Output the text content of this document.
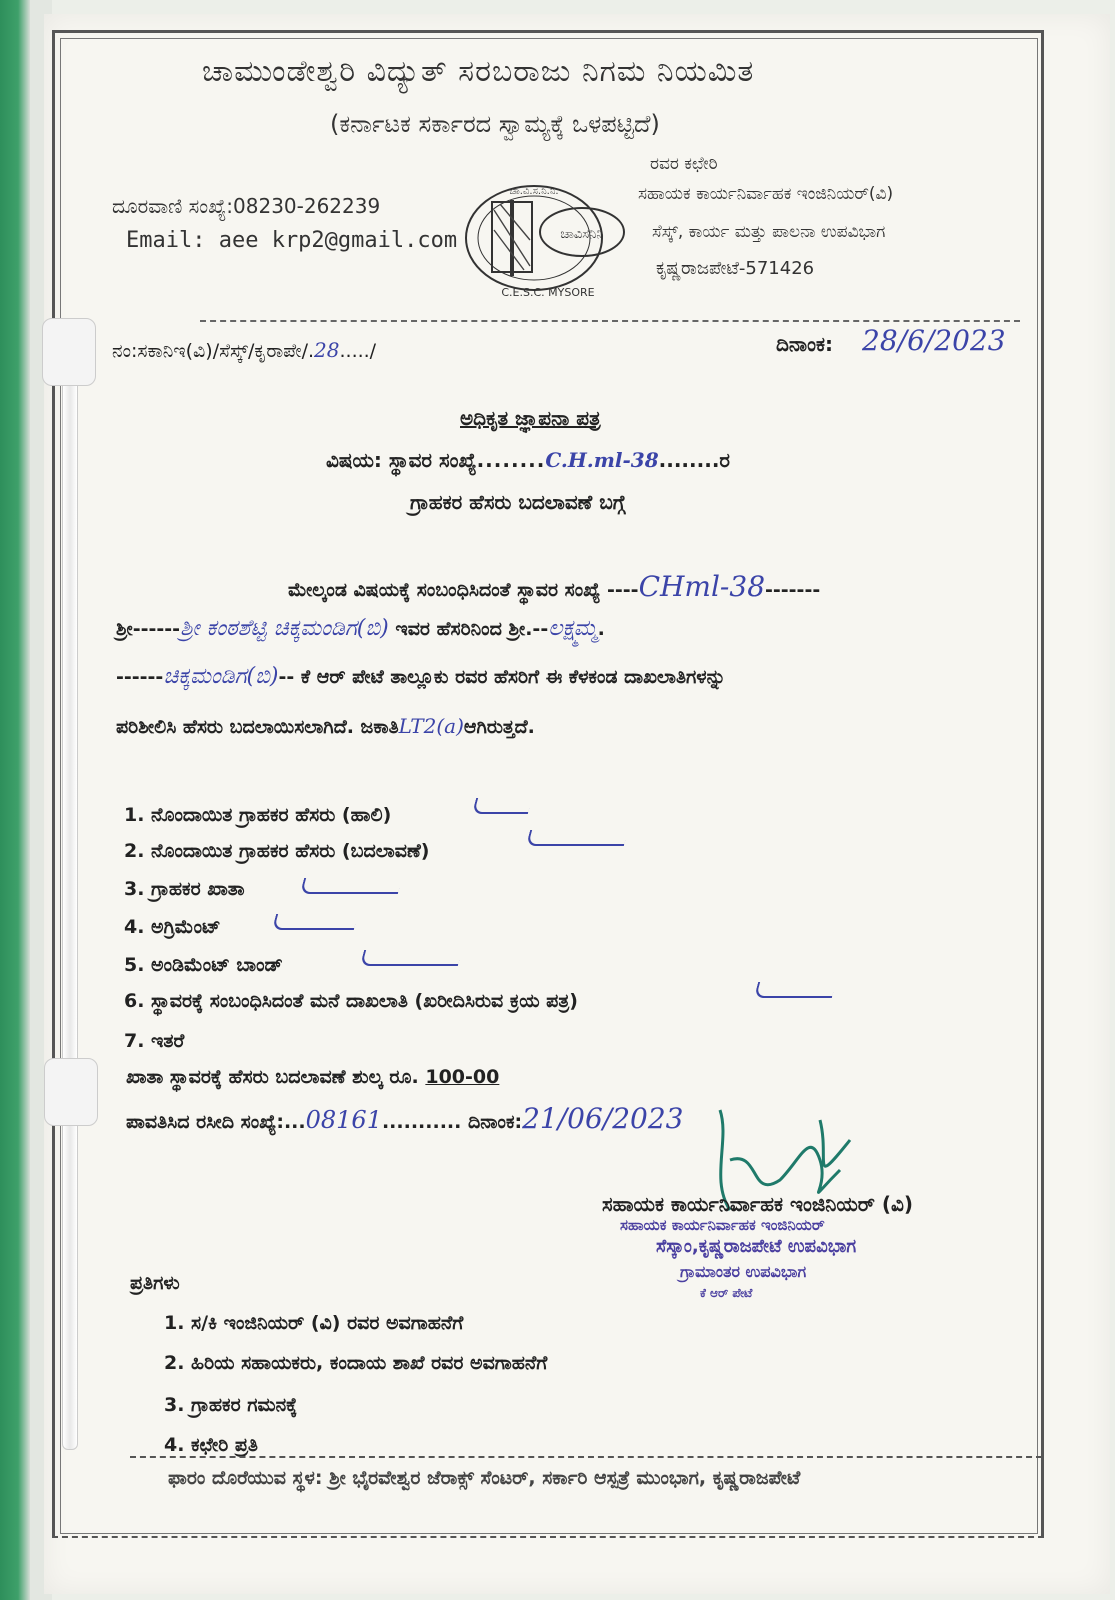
ಚಾಮುಂಡೇಶ್ವರಿ ವಿದ್ಯುತ್ ಸರಬರಾಜು ನಿಗಮ ನಿಯಮಿತ
(ಕರ್ನಾಟಕ ಸರ್ಕಾರದ ಸ್ವಾಮ್ಯಕ್ಕೆ ಒಳಪಟ್ಟಿದೆ)
ದೂರವಾಣಿ ಸಂಖ್ಯೆ:08230-262239
Email: aee krp2@gmail.com	ಚಾವಿಸನಿನಿ
ಚಾ.ವಿ.ಸ.ನಿ.ನಿ.
C.E.S.C. MYSORE
ರವರ ಕಛೇರಿ
ಸಹಾಯಕ ಕಾರ್ಯನಿರ್ವಾಹಕ ಇಂಜಿನಿಯರ್(ವಿ)
ಸೆಸ್ಕ್, ಕಾರ್ಯ ಮತ್ತು ಪಾಲನಾ ಉಪವಿಭಾಗ
ಕೃಷ್ಣರಾಜಪೇಟೆ-571426
ನಂ:ಸಕಾನಿಇ(ವಿ)/ಸೆಸ್ಕ್/ಕೃರಾಪೇ/.28...../	ದಿನಾಂಕ: 28/6/2023
ಅಧಿಕೃತ ಜ್ಞಾಪನಾ ಪತ್ರ
ವಿಷಯ: ಸ್ಥಾವರ ಸಂಖ್ಯೆ........C.H.ml-38........ರ
ಗ್ರಾಹಕರ ಹೆಸರು ಬದಲಾವಣೆ ಬಗ್ಗೆ
ಮೇಲ್ಕಂಡ ವಿಷಯಕ್ಕೆ ಸಂಬಂಧಿಸಿದಂತೆ ಸ್ಥಾವರ ಸಂಖ್ಯೆ ----CHml-38-------
ಶ್ರೀ------ಶ್ರೀ ಕಂಠಶೆಟ್ಟಿ ಚಿಕ್ಕಮಂಡಿಗ(ಬಿ) ಇವರ ಹೆಸರಿನಿಂದ ಶ್ರೀ.--ಲಕ್ಷ್ಮಮ್ಮ.
------ಚಿಕ್ಕಮಂಡಿಗ(ಬಿ)-- ಕೆ ಆರ್ ಪೇಟೆ ತಾಲ್ಲೂಕು ರವರ ಹೆಸರಿಗೆ ಈ ಕೆಳಕಂಡ ದಾಖಲಾತಿಗಳನ್ನು
ಪರಿಶೀಲಿಸಿ ಹೆಸರು ಬದಲಾಯಿಸಲಾಗಿದೆ. ಜಕಾತಿLT2(a)ಆಗಿರುತ್ತದೆ.
1. ನೊಂದಾಯಿತ ಗ್ರಾಹಕರ ಹೆಸರು (ಹಾಲಿ)
2. ನೊಂದಾಯಿತ ಗ್ರಾಹಕರ ಹೆಸರು (ಬದಲಾವಣೆ)
3. ಗ್ರಾಹಕರ ಖಾತಾ
4. ಅಗ್ರಿಮೆಂಟ್
5. ಅಂಡಿಮೆಂಟ್ ಬಾಂಡ್
6. ಸ್ಥಾವರಕ್ಕೆ ಸಂಬಂಧಿಸಿದಂತೆ ಮನೆ ದಾಖಲಾತಿ (ಖರೀದಿಸಿರುವ ಕ್ರಯ ಪತ್ರ)
7. ಇತರೆ
ಖಾತಾ ಸ್ಥಾವರಕ್ಕೆ ಹೆಸರು ಬದಲಾವಣೆ ಶುಲ್ಕ ರೂ. 100-00
ಪಾವತಿಸಿದ ರಸೀದಿ ಸಂಖ್ಯೆ:...08161........... ದಿನಾಂಕ:21/06/2023
ಸಹಾಯಕ ಕಾರ್ಯನಿರ್ವಾಹಕ ಇಂಜಿನಿಯರ್ (ವಿ)
ಸಹಾಯಕ ಕಾರ್ಯನಿರ್ವಾಹಕ ಇಂಜಿನಿಯರ್
ಸೆಸ್ಕಾಂ,ಕೃಷ್ಣರಾಜಪೇಟೆ ಉಪವಿಭಾಗ
ಗ್ರಾಮಾಂತರ ಉಪವಿಭಾಗ
ಕೆ ಆರ್ ಪೇಟೆ
ಪ್ರತಿಗಳು
1. ಸ/ಕಿ ಇಂಜಿನಿಯರ್ (ವಿ) ರವರ ಅವಗಾಹನೆಗೆ
2. ಹಿರಿಯ ಸಹಾಯಕರು, ಕಂದಾಯ ಶಾಖೆ ರವರ ಅವಗಾಹನೆಗೆ
3. ಗ್ರಾಹಕರ ಗಮನಕ್ಕೆ
4. ಕಛೇರಿ ಪ್ರತಿ
ಫಾರಂ ದೊರೆಯುವ ಸ್ಥಳ: ಶ್ರೀ ಭೈರವೇಶ್ವರ ಜೆರಾಕ್ಸ್ ಸೆಂಟರ್, ಸರ್ಕಾರಿ ಆಸ್ಪತ್ರೆ ಮುಂಭಾಗ, ಕೃಷ್ಣರಾಜಪೇಟೆ
